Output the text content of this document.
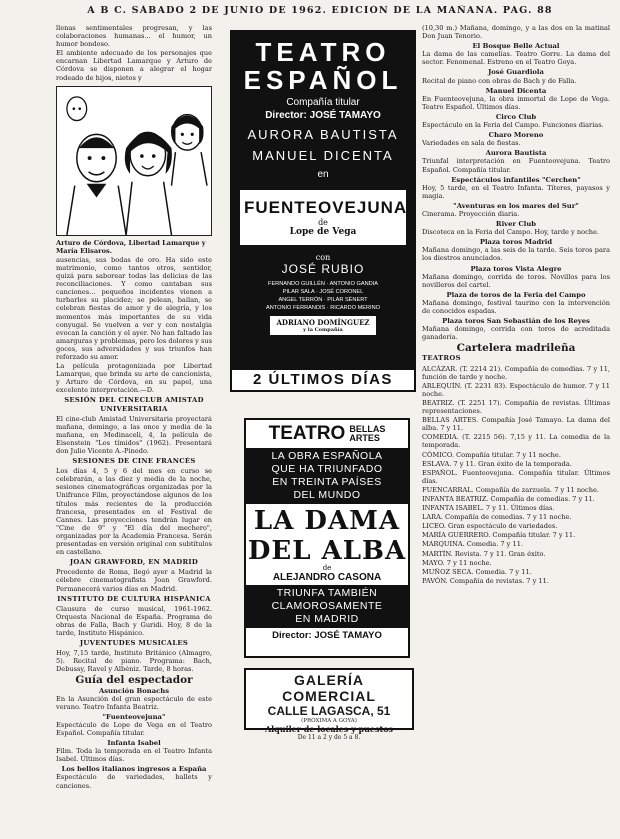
A B C. SÁBADO 2 DE JUNIO DE 1962. EDICIÓN DE LA MAÑANA. PAG. 88

llenas sentimentales progresan, y las colaboraciones humanas... el humor, un humor bondoso.

El ambiente adecuado de los personajes que encarnan Libertad Lamarque y Arturo de Córdova se disponen a alegrar el hogar rodeado de hijos, nietos y

Arturo de Córdova, Libertad Lamarque y María Elisaros.

ausencias, sus bodas de oro. Ha sido este matrimonio, como tantos otros, sentidor, quizá para saborear todas las delicias de las reconciliaciones. Y como cantaban sus canciones... pequeños incidentes vienen a turbarles su placidez; se pelean, bailan, se celebran fiestas de amor y de alegría, y los momentos más importantes de su vida conyugal. Se vuelven a ver y con nostalgia evocan la canción y el ayer. No han faltado las amarguras y problemas, pero los dolores y sus goces, sus adversidades y sus triunfos han reforzado su amor.

La película protagonizada por Libertad Lamarque, que brinda su arte de cancionista, y Arturo de Córdova, en su papel, una excelente interpretación.—D.

SESIÓN DEL CINECLUB AMISTAD UNIVERSITARIA

El cine-club Amistad Universitaria proyectará mañana, domingo, a las once y media de la mañana, en Medinaceli, 4, la película de Eisenstein "Los tímidos" (1962). Presentará don Julio Vicente A.-Pinedo.

SESIONES DE CINE FRANCÉS

Los días 4, 5 y 6 del mes en curso se celebrarán, a las diez y media de la noche, sesiones cinematográficas organizadas por la Unifrance Film, proyectándose algunos de los títulos más recientes de la producción francesa, presentados en el Festival de Cannes. Las proyecciones tendrán lugar en "Cine de 9" y "El día del mechero", organizadas por la Academia Francesa. Serán presentadas en versión original con subtítulos en castellano.

JOAN GRAWFORD, EN MADRID

Procedente de Roma, llegó ayer a Madrid la célebre cinematografista Joan Grawford. Permanecerá varios días en Madrid.

INSTITUTO DE CULTURA HISPÁNICA

Clausura de curso musical, 1961-1962. Orquesta Nacional de España. Programa de obras de Falla, Bach y Guridi. Hoy, 8 de la tarde, Instituto Hispánico.

JUVENTUDES MUSICALES

Hoy, 7,15 tarde, Instituto Británico (Almagro, 5). Recital de piano. Programa: Bach, Debussy, Ravel y Albéniz. Tarde, 8 horas.

Guía del espectador
Asunción Bonachs

En la Asunción del gran espectáculo de este verano. Teatro Infanta Beatriz.

"Fuenteovejuna"

Espectáculo de Lope de Vega en el Teatro Español. Compañía titular.

Infanta Isabel

Film. Toda la temporada en el Teatro Infanta Isabel. Últimos días.

Los bellos italianos ingresos a España

Espectáculo de variedades, ballets y canciones.

TEATRO
ESPAÑOL
Compañía titular
Director: JOSÉ TAMAYO
AURORA BAUTISTA
MANUEL DICENTA
en
FUENTEOVEJUNA
de
Lope de Vega
con
JOSÉ RUBIO
FERNANDO GUILLÉN · ANTONIO GANDIA
PILAR SALA · JOSÉ CORONEL
ANGEL TERRÓN · PILAR SÉNERT
ANTONIO FERRANDIS · RICARDO MERINO
ADRIANO DOMÍNGUEZ
y la Compañía
2 ÚLTIMOS DÍAS
TEATRO BELLAS
ARTES
LA OBRA ESPAÑOLA
QUE HA TRIUNFADO
EN TREINTA PAÍSES
DEL MUNDO
LA DAMA
DEL ALBA
de
ALEJANDRO CASONA
TRIUNFA TAMBIÉN
CLAMOROSAMENTE
EN MADRID
Director: JOSÉ TAMAYO
GALERÍA COMERCIAL
CALLE LAGASCA, 51
(PRÓXIMA A GOYA)
Alquiler de locales y puestos
De 11 a 2 y de 5 a 8.

(10,30 m.) Mañana, domingo, y a las dos en la matinal Don Juan Tenorio.

El Bosque Belle Actual

La dama de las camelias. Teatro Gorre. La dama del sector. Fenomenal. Estreno en el Teatro Goya.

José Guardiola

Recital de piano con obras de Bach y de Falla.

Manuel Dicenta

En Fuenteovejuna, la obra inmortal de Lope de Vega. Teatro Español. Últimos días.

Circo Club

Espectáculo en la Feria del Campo. Funciones diarias.

Charo Moreno

Variedades en sala de fiestas.

Aurora Bautista

Triunfal interpretación en Fuenteovejuna. Teatro Español. Compañía titular.

Espectáculos infantiles "Cerchen"

Hoy, 5 tarde, en el Teatro Infanta. Títeres, payasos y magia.

"Aventuras en los mares del Sur"

Cinerama. Proyección diaria.

River Club

Discoteca en la Feria del Campo. Hoy, tarde y noche.

Plaza toros Madrid

Mañana domingo, a las seis de la tarde. Seis toros para los diestros anunciados.

Plaza toros Vista Alegre

Mañana domingo, corrida de toros. Novillos para los novilleros del cartel.

Plaza de toros de la Feria del Campo

Mañana domingo, festival taurino con la intervención de conocidos espadas.

Plaza toros San Sebastián de los Reyes

Mañana domingo, corrida con toros de acreditada ganadería.

Cartelera madrileña
TEATROS

ALCÁZAR. (T. 2214 21). Compañía de comedias. 7 y 11, función de tarde y noche.

ARLEQUÍN. (T. 2231 83). Espectáculo de humor. 7 y 11 noche.

BEATRIZ. (T. 2251 17). Compañía de revistas. Últimas representaciones.

BELLAS ARTES. Compañía José Tamayo. La dama del alba. 7 y 11.

COMEDIA. (T. 2215 56). 7,15 y 11. La comedia de la temporada.

CÓMICO. Compañía titular. 7 y 11 noche.

ESLAVA. 7 y 11. Gran éxito de la temporada.

ESPAÑOL. Fuenteovejuna. Compañía titular. Últimos días.

FUENCARRAL. Compañía de zarzuela. 7 y 11 noche.

INFANTA BEATRIZ. Compañía de comedias. 7 y 11.

INFANTA ISABEL. 7 y 11. Últimos días.

LARA. Compañía de comedias. 7 y 11 noche.

LICEO. Gran espectáculo de variedades.

MARÍA GUERRERO. Compañía titular. 7 y 11.

MARQUINA. Comedia. 7 y 11.

MARTÍN. Revista. 7 y 11. Gran éxito.

MAYO. 7 y 11 noche.

MUÑOZ SECA. Comedia. 7 y 11.

PAVÓN. Compañía de revistas. 7 y 11.
